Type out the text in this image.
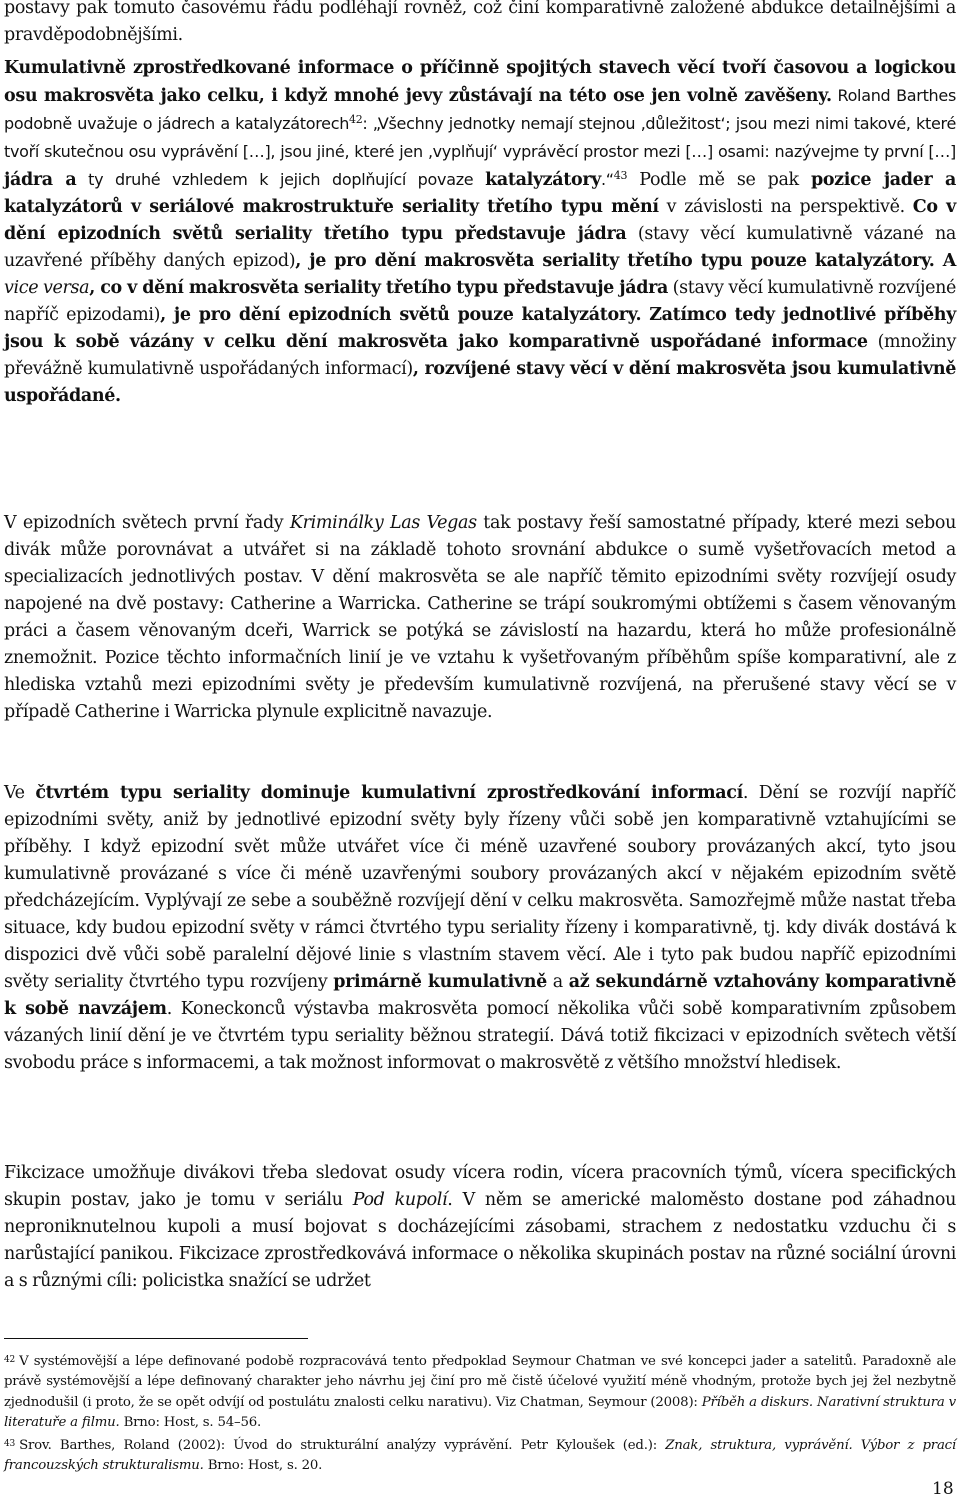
postavy pak tomuto časovému řádu podléhají rovněž, což činí komparativně založené abdukce detailnějšími a pravděpodobnějšími.

Kumulativně zprostředkované informace o příčinně spojitých stavech věcí tvoří časovou a logickou osu makrosvěta jako celku, i když mnohé jevy zůstávají na této ose jen volně zavěšeny. Roland Barthes podobně uvažuje o jádrech a katalyzátorech$^{42}$: „Všechny jednotky nemají stejnou ‚důležitost‘; jsou mezi nimi takové, které tvoří skutečnou osu vyprávění […], jsou jiné, které jen ‚vyplňují‘ vyprávěcí prostor mezi […] osami: nazývejme ty první […] jádra a ty druhé vzhledem k jejich doplňující povaze katalyzátory.“$^{43}$ Podle mě se pak pozice jader a katalyzátorů v seriálové makrostruktuře seriality třetího typu mění v závislosti na perspektivě. Co v dění epizodních světů seriality třetího typu představuje jádra (stavy věcí kumulativně vázané na uzavřené příběhy daných epizod), je pro dění makrosvěta seriality třetího typu pouze katalyzátory. A vice versa, co v dění makrosvěta seriality třetího typu představuje jádra (stavy věcí kumulativně rozvíjené napříč epizodami), je pro dění epizodních světů pouze katalyzátory. Zatímco tedy jednotlivé příběhy jsou k sobě vázány v celku dění makrosvěta jako komparativně uspořádané informace (množiny převážně kumulativně uspořádaných informací), rozvíjené stavy věcí v dění makrosvěta jsou kumulativně uspořádané.

V epizodních světech první řady Kriminálky Las Vegas tak postavy řeší samostatné případy, které mezi sebou divák může porovnávat a utvářet si na základě tohoto srovnání abdukce o sumě vyšetřovacích metod a specializacích jednotlivých postav. V dění makrosvěta se ale napříč těmito epizodními světy rozvíjejí osudy napojené na dvě postavy: Catherine a Warricka. Catherine se trápí soukromými obtížemi s časem věnovaným práci a časem věnovaným dceři, Warrick se potýká se závislostí na hazardu, která ho může profesionálně znemožnit. Pozice těchto informačních linií je ve vztahu k vyšetřovaným příběhům spíše komparativní, ale z hlediska vztahů mezi epizodními světy je především kumulativně rozvíjená, na přerušené stavy věcí se v případě Catherine i Warricka plynule explicitně navazuje.

Ve čtvrtém typu seriality dominuje kumulativní zprostředkování informací. Dění se rozvíjí napříč epizodními světy, aniž by jednotlivé epizodní světy byly řízeny vůči sobě jen komparativně vztahujícími se příběhy. I když epizodní svět může utvářet více či méně uzavřené soubory provázaných akcí, tyto jsou kumulativně provázané s více či méně uzavřenými soubory provázaných akcí v nějakém epizodním světě předcházejícím. Vyplývají ze sebe a souběžně rozvíjejí dění v celku makrosvěta. Samozřejmě může nastat třeba situace, kdy budou epizodní světy v rámci čtvrtého typu seriality řízeny i komparativně, tj. kdy divák dostává k dispozici dvě vůči sobě paralelní dějové linie s vlastním stavem věcí. Ale i tyto pak budou napříč epizodními světy seriality čtvrtého typu rozvíjeny primárně kumulativně a až sekundárně vztahovány komparativně k sobě navzájem. Koneckonců výstavba makrosvěta pomocí několika vůči sobě komparativním způsobem vázaných linií dění je ve čtvrtém typu seriality běžnou strategií. Dává totiž fikcizaci v epizodních světech větší svobodu práce s informacemi, a tak možnost informovat o makrosvětě z většího množství hledisek.

Fikcizace umožňuje divákovi třeba sledovat osudy vícera rodin, vícera pracovních týmů, vícera specifických skupin postav, jako je tomu v seriálu Pod kupolí. V něm se americké maloměsto dostane pod záhadnou neproniknutelnou kupoli a musí bojovat s docházejícími zásobami, strachem z nedostatku vzduchu či s narůstající panikou. Fikcizace zprostředkovává informace o několika skupinách postav na různé sociální úrovni a s různými cíli: policistka snažící se udržet

$^{42}$ V systémovější a lépe definované podobě rozpracovává tento předpoklad Seymour Chatman ve své koncepci jader a satelitů. Paradoxně ale právě systémovější a lépe definovaný charakter jeho návrhu jej činí pro mě čistě účelové využití méně vhodným, protože bych jej žel nezbytně zjednodušil (i proto, že se opět odvíjí od postulátu znalosti celku narativu). Viz Chatman, Seymour (2008): Příběh a diskurs. Narativní struktura v literatuře a filmu. Brno: Host, s. 54–56.

$^{43}$ Srov. Barthes, Roland (2002): Úvod do strukturální analýzy vyprávění. Petr Kyloušek (ed.): Znak, struktura, vyprávění. Výbor z prací francouzských strukturalismu. Brno: Host, s. 20.

18
